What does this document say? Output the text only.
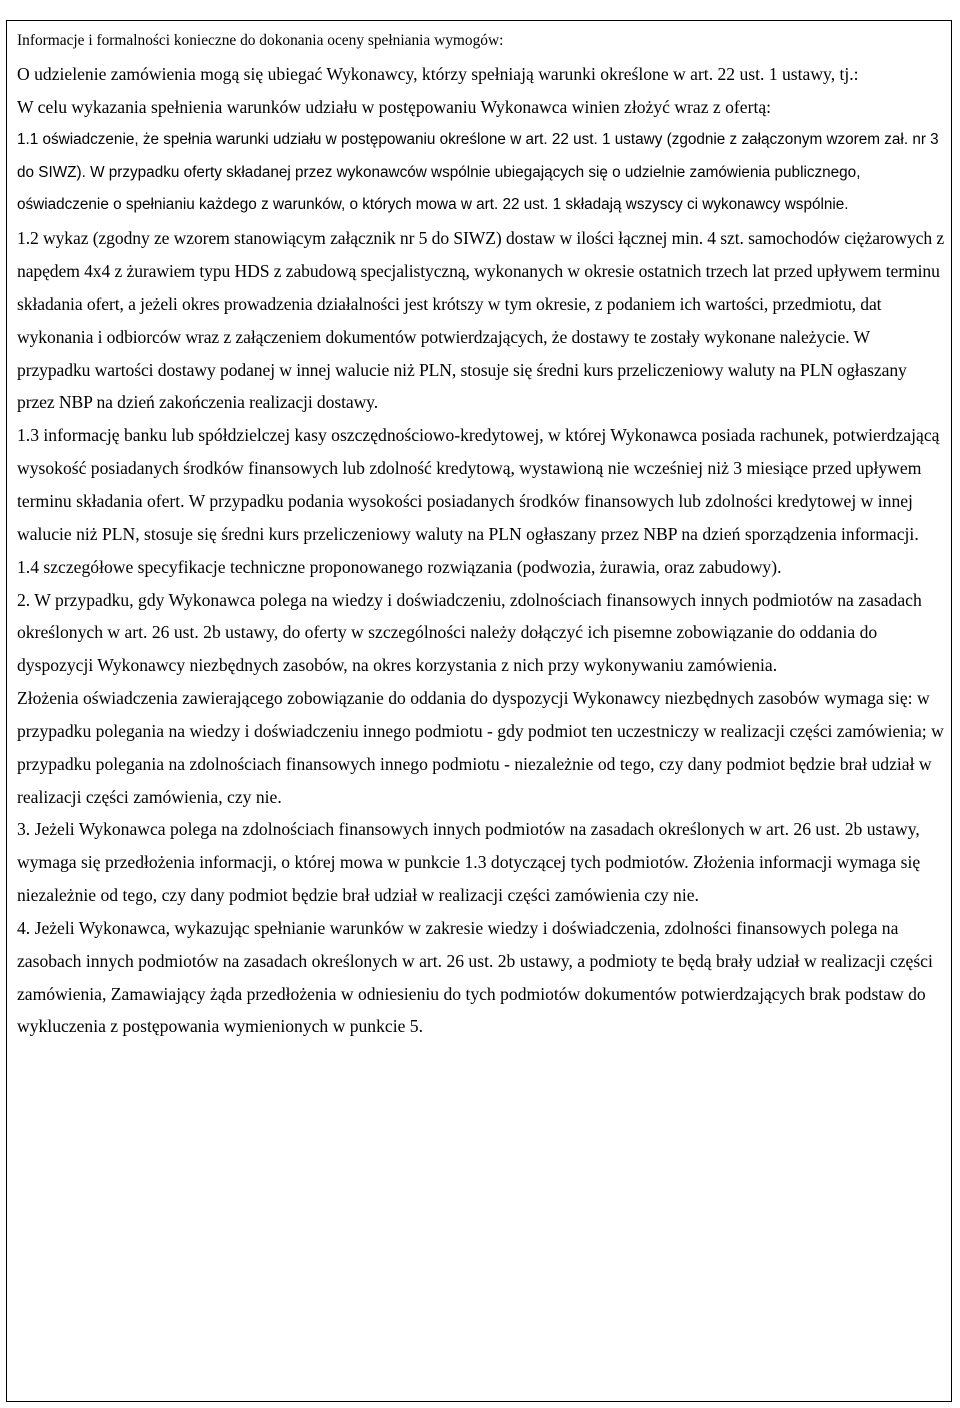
Informacje i formalności konieczne do dokonania oceny spełniania wymogów:

O udzielenie zamówienia mogą się ubiegać Wykonawcy, którzy spełniają warunki określone w art. 22 ust. 1 ustawy, tj.:

W celu wykazania spełnienia warunków udziału w postępowaniu Wykonawca winien złożyć wraz z ofertą:

1.1 oświadczenie, że spełnia warunki udziału w postępowaniu określone w art. 22 ust. 1 ustawy (zgodnie z załączonym wzorem zał. nr 3 do SIWZ). W przypadku oferty składanej przez wykonawców wspólnie ubiegających się o udzielnie zamówienia publicznego, oświadczenie o spełnianiu każdego z warunków, o których mowa w art. 22 ust. 1 składają wszyscy ci wykonawcy wspólnie.

1.2 wykaz (zgodny ze wzorem stanowiącym załącznik nr 5 do SIWZ) dostaw w ilości łącznej min. 4 szt. samochodów ciężarowych z napędem 4x4 z żurawiem typu HDS z zabudową specjalistyczną, wykonanych w okresie ostatnich trzech lat przed upływem terminu składania ofert, a jeżeli okres prowadzenia działalności jest krótszy w tym okresie, z podaniem ich wartości, przedmiotu, dat wykonania i odbiorców wraz z załączeniem dokumentów potwierdzających, że dostawy te zostały wykonane należycie. W przypadku wartości dostawy podanej w innej walucie niż PLN, stosuje się średni kurs przeliczeniowy waluty na PLN ogłaszany przez NBP na dzień zakończenia realizacji dostawy.

1.3 informację banku lub spółdzielczej kasy oszczędnościowo-kredytowej, w której Wykonawca posiada rachunek, potwierdzającą wysokość posiadanych środków finansowych lub zdolność kredytową, wystawioną nie wcześniej niż 3 miesiące przed upływem terminu składania ofert. W przypadku podania wysokości posiadanych środków finansowych lub zdolności kredytowej w innej walucie niż PLN, stosuje się średni kurs przeliczeniowy waluty na PLN ogłaszany przez NBP na dzień sporządzenia informacji.

1.4 szczegółowe specyfikacje techniczne proponowanego rozwiązania (podwozia, żurawia, oraz zabudowy).

2. W przypadku, gdy Wykonawca polega na wiedzy i doświadczeniu, zdolnościach finansowych innych podmiotów na zasadach określonych w art. 26 ust. 2b ustawy, do oferty w szczególności należy dołączyć ich pisemne zobowiązanie do oddania do dyspozycji Wykonawcy niezbędnych zasobów, na okres korzystania z nich przy wykonywaniu zamówienia.

Złożenia oświadczenia zawierającego zobowiązanie do oddania do dyspozycji Wykonawcy niezbędnych zasobów wymaga się: w przypadku polegania na wiedzy i doświadczeniu innego podmiotu - gdy podmiot ten uczestniczy w realizacji części zamówienia; w przypadku polegania na zdolnościach finansowych innego podmiotu - niezależnie od tego, czy dany podmiot będzie brał udział w realizacji części zamówienia, czy nie.

3. Jeżeli Wykonawca polega na zdolnościach finansowych innych podmiotów na zasadach określonych w art. 26 ust. 2b ustawy, wymaga się przedłożenia informacji, o której mowa w punkcie 1.3 dotyczącej tych podmiotów. Złożenia informacji wymaga się niezależnie od tego, czy dany podmiot będzie brał udział w realizacji części zamówienia czy nie.

4. Jeżeli Wykonawca, wykazując spełnianie warunków w zakresie wiedzy i doświadczenia, zdolności finansowych polega na zasobach innych podmiotów na zasadach określonych w art. 26 ust. 2b ustawy, a podmioty te będą brały udział w realizacji części zamówienia, Zamawiający żąda przedłożenia w odniesieniu do tych podmiotów dokumentów potwierdzających brak podstaw do wykluczenia z postępowania wymienionych w punkcie 5.
